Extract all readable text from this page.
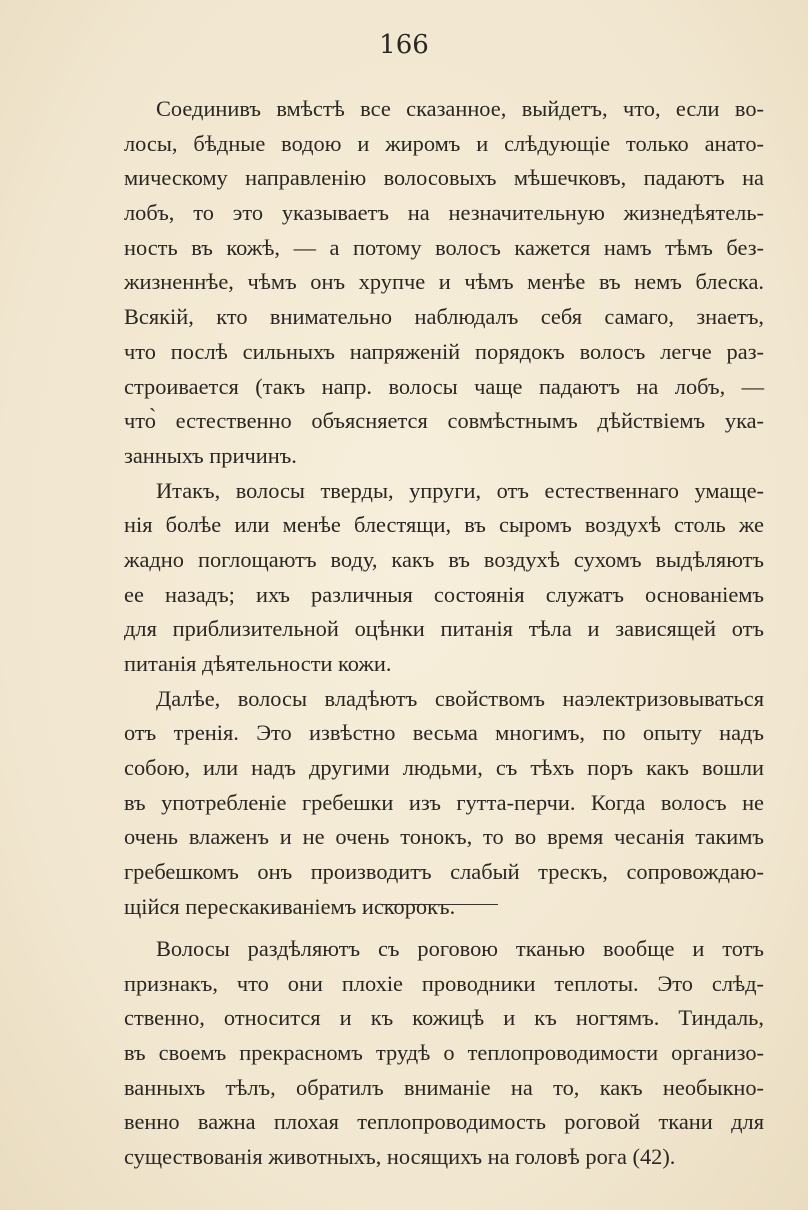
166
Соединивъ вмѣстѣ все сказанное, выйдетъ, что, если во-
лосы, бѣдные водою и жиромъ и слѣдующіе только анато-
мическому направленію волосовыхъ мѣшечковъ, падаютъ на
лобъ, то это указываетъ на незначительную жизнедѣятель-
ность въ кожѣ, — а потому волосъ кажется намъ тѣмъ без-
жизненнѣе, чѣмъ онъ хрупче и чѣмъ менѣе въ немъ блеска.
Всякій, кто внимательно наблюдалъ себя самаго, знаетъ,
что послѣ сильныхъ напряженій порядокъ волосъ легче раз-
строивается (такъ напр. волосы чаще падаютъ на лобъ, —
что̀ естественно объясняется совмѣстнымъ дѣйствіемъ ука-
занныхъ причинъ.
Итакъ, волосы тверды, упруги, отъ естественнаго умаще-
нія болѣе или менѣе блестящи, въ сыромъ воздухѣ столь же
жадно поглощаютъ воду, какъ въ воздухѣ сухомъ выдѣляютъ
ее назадъ; ихъ различныя состоянія служатъ основаніемъ
для приблизительной оцѣнки питанія тѣла и зависящей отъ
питанія дѣятельности кожи.
Далѣе, волосы владѣютъ свойствомъ наэлектризовываться
отъ тренія. Это извѣстно весьма многимъ, по опыту надъ
собою, или надъ другими людьми, съ тѣхъ поръ какъ вошли
въ употребленіе гребешки изъ гутта-перчи. Когда волосъ не
очень влаженъ и не очень тонокъ, то во время чесанія такимъ
гребешкомъ онъ производитъ слабый трескъ, сопровождаю-
щійся перескакиваніемъ искорокъ.
Волосы раздѣляютъ съ роговою тканью вообще и тотъ
признакъ, что они плохіе проводники теплоты. Это слѣд-
ственно, относится и къ кожицѣ и къ ногтямъ. Тиндаль,
въ своемъ прекрасномъ трудѣ о теплопроводимости организо-
ванныхъ тѣлъ, обратилъ вниманіе на то, какъ необыкно-
венно важна плохая теплопроводимость роговой ткани для
существованія животныхъ, носящихъ на головѣ рога (42).
